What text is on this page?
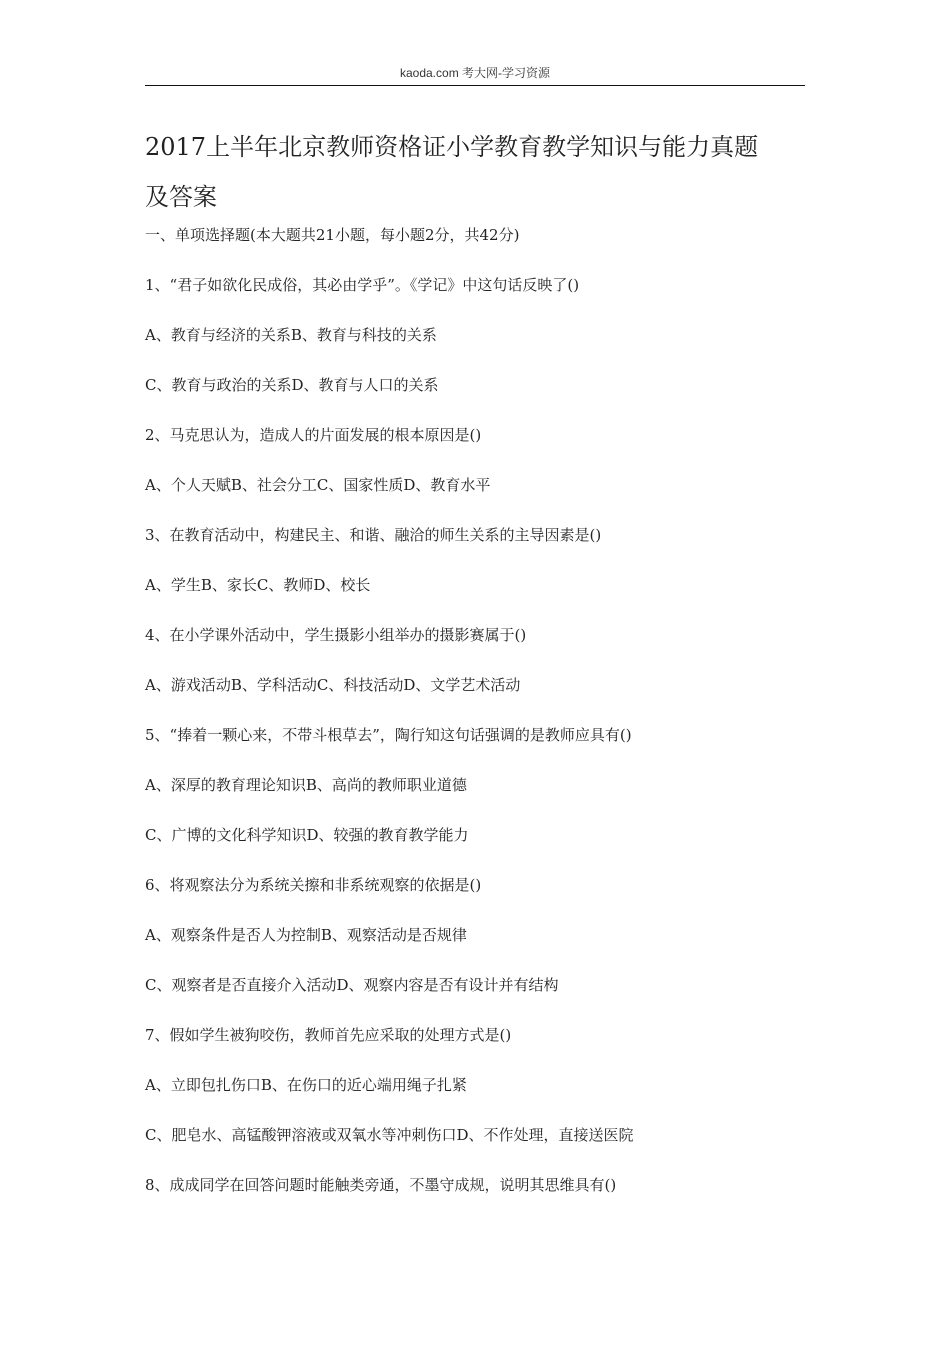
kaoda.com 考大网-学习资源
2017上半年北京教师资格证小学教育教学知识与能力真题
及答案
一、单项选择题(本大题共21小题，每小题2分，共42分)
1、“君子如欲化民成俗，其必由学乎”。《学记》中这句话反映了()
A、教育与经济的关系B、教育与科技的关系
C、教育与政治的关系D、教育与人口的关系
2、马克思认为，造成人的片面发展的根本原因是()
A、个人天赋B、社会分工C、国家性质D、教育水平
3、在教育活动中，构建民主、和谐、融洽的师生关系的主导因素是()
A、学生B、家长C、教师D、校长
4、在小学课外活动中，学生摄影小组举办的摄影赛属于()
A、游戏活动B、学科活动C、科技活动D、文学艺术活动
5、“捧着一颗心来，不带斗根草去”，陶行知这句话强调的是教师应具有()
A、深厚的教育理论知识B、高尚的教师职业道德
C、广博的文化科学知识D、较强的教育教学能力
6、将观察法分为系统关擦和非系统观察的依据是()
A、观察条件是否人为控制B、观察活动是否规律
C、观察者是否直接介入活动D、观察内容是否有设计并有结构
7、假如学生被狗咬伤，教师首先应采取的处理方式是()
A、立即包扎伤口B、在伤口的近心端用绳子扎紧
C、肥皂水、高锰酸钾溶液或双氧水等冲刺伤口D、不作处理，直接送医院
8、成成同学在回答问题时能触类旁通，不墨守成规，说明其思维具有()
